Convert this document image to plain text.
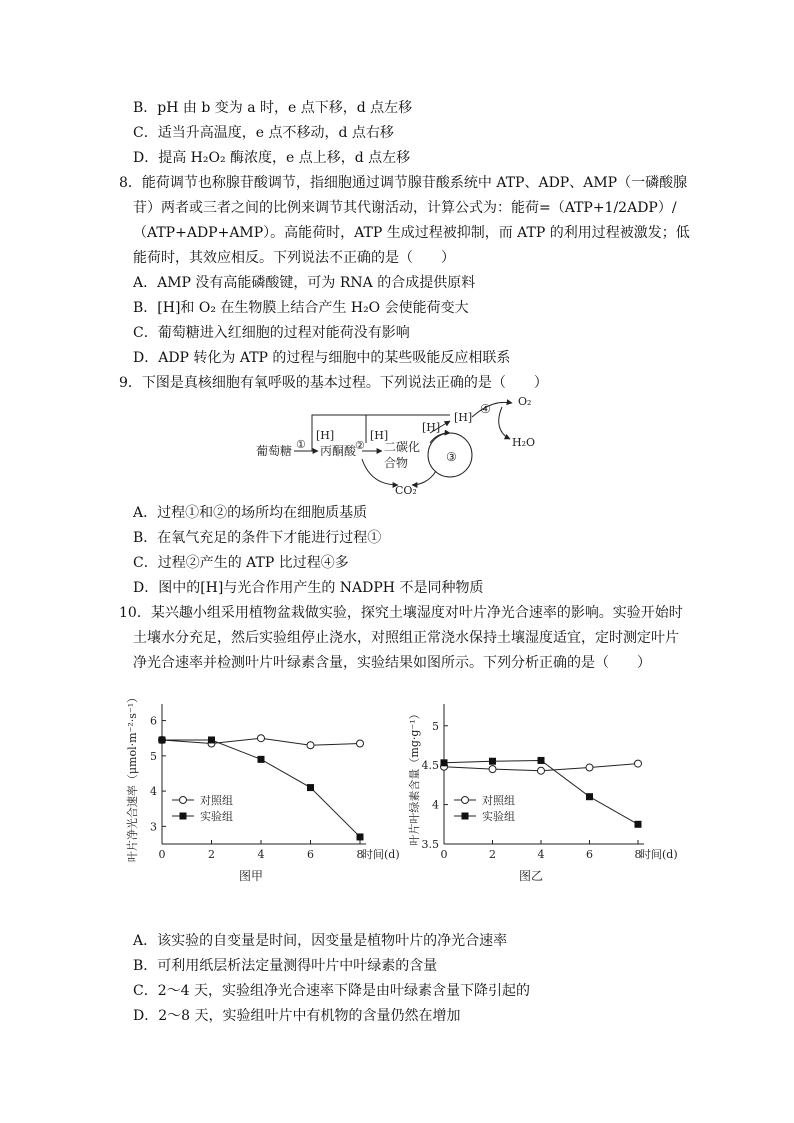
B．pH 由 b 变为 a 时，e 点下移，d 点左移
C．适当升高温度，e 点不移动，d 点右移
D．提高 H₂O₂ 酶浓度，e 点上移，d 点左移
8．能荷调节也称腺苷酸调节，指细胞通过调节腺苷酸系统中 ATP、ADP、AMP（一磷酸腺
苷）两者或三者之间的比例来调节其代谢活动，计算公式为：能荷=（ATP+1/2ADP）/
（ATP+ADP+AMP）。高能荷时，ATP 生成过程被抑制，而 ATP 的利用过程被激发；低
能荷时，其效应相反。下列说法不正确的是（　　）
A．AMP 没有高能磷酸键，可为 RNA 的合成提供原料
B．[H]和 O₂ 在生物膜上结合产生 H₂O 会使能荷变大
C．葡萄糖进入红细胞的过程对能荷没有影响
D．ADP 转化为 ATP 的过程与细胞中的某些吸能反应相联系
9．下图是真核细胞有氧呼吸的基本过程。下列说法正确的是（　　）
葡萄糖 ① 丙酮酸
[H]
②
[H]
二碳化
合物	③
[H]
[H]
④
O₂
H₂O
CO₂
A．过程①和②的场所均在细胞质基质
B．在氧气充足的条件下才能进行过程①
C．过程②产生的 ATP 比过程④多
D．图中的[H]与光合作用产生的 NADPH 不是同种物质
10．某兴趣小组采用植物盆栽做实验，探究土壤湿度对叶片净光合速率的影响。实验开始时
土壤水分充足，然后实验组停止浇水，对照组正常浇水保持土壤湿度适宜，定时测定叶片
净光合速率并检测叶片叶绿素含量，实验结果如图所示。下列分析正确的是（　　）
3
4
5
6
0	2	4	6	8
时间(d)
叶片净光合速率（μmol·m⁻²·s⁻¹）
图甲
对照组
实验组
3.5
4
4.5
5
0	2	4	6	8
时间(d)
叶片叶绿素含量（mg·g⁻¹）
图乙
对照组
实验组
A．该实验的自变量是时间，因变量是植物叶片的净光合速率
B．可利用纸层析法定量测得叶片中叶绿素的含量
C．2～4 天，实验组净光合速率下降是由叶绿素含量下降引起的
D．2～8 天，实验组叶片中有机物的含量仍然在增加
